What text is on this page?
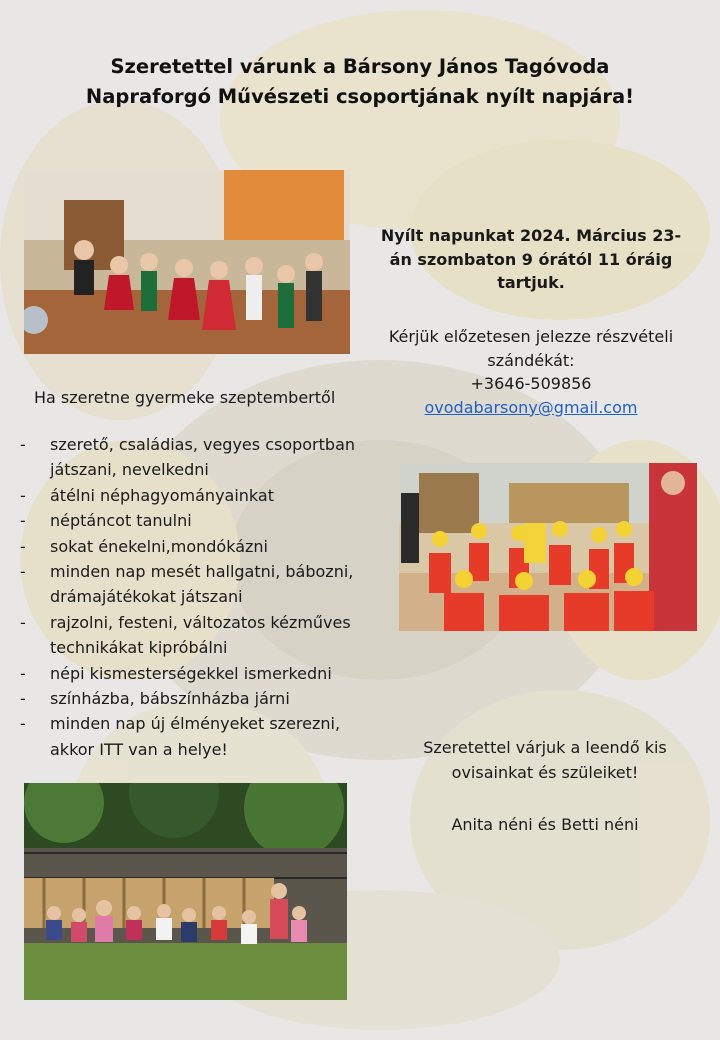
Szeretettel várunk a Bársony János Tagóvoda
Napraforgó Művészeti csoportjának nyílt napjára!
Nyílt napunkat 2024. Március 23-
án szombaton 9 órától 11 óráig
tartjuk.
Kérjük előzetesen jelezze részvételi
szándékát:
+3646-509856
ovodabarsony@gmail.com
Ha szeretne gyermeke szeptembertől
- szerető, családias, vegyes csoportban
játszani, nevelkedni
- átélni néphagyományainkat
- néptáncot tanulni
- sokat énekelni,mondókázni
- minden nap mesét hallgatni, bábozni,
drámajátékokat játszani
- rajzolni, festeni, változatos kézműves
technikákat kipróbálni
- népi kismesterségekkel ismerkedni
- színházba, bábszínházba járni
- minden nap új élményeket szerezni,
akkor ITT van a helye!	Szeretettel várjuk a leendő kis
ovisainkat és szüleiket!
Anita néni és Betti néni
